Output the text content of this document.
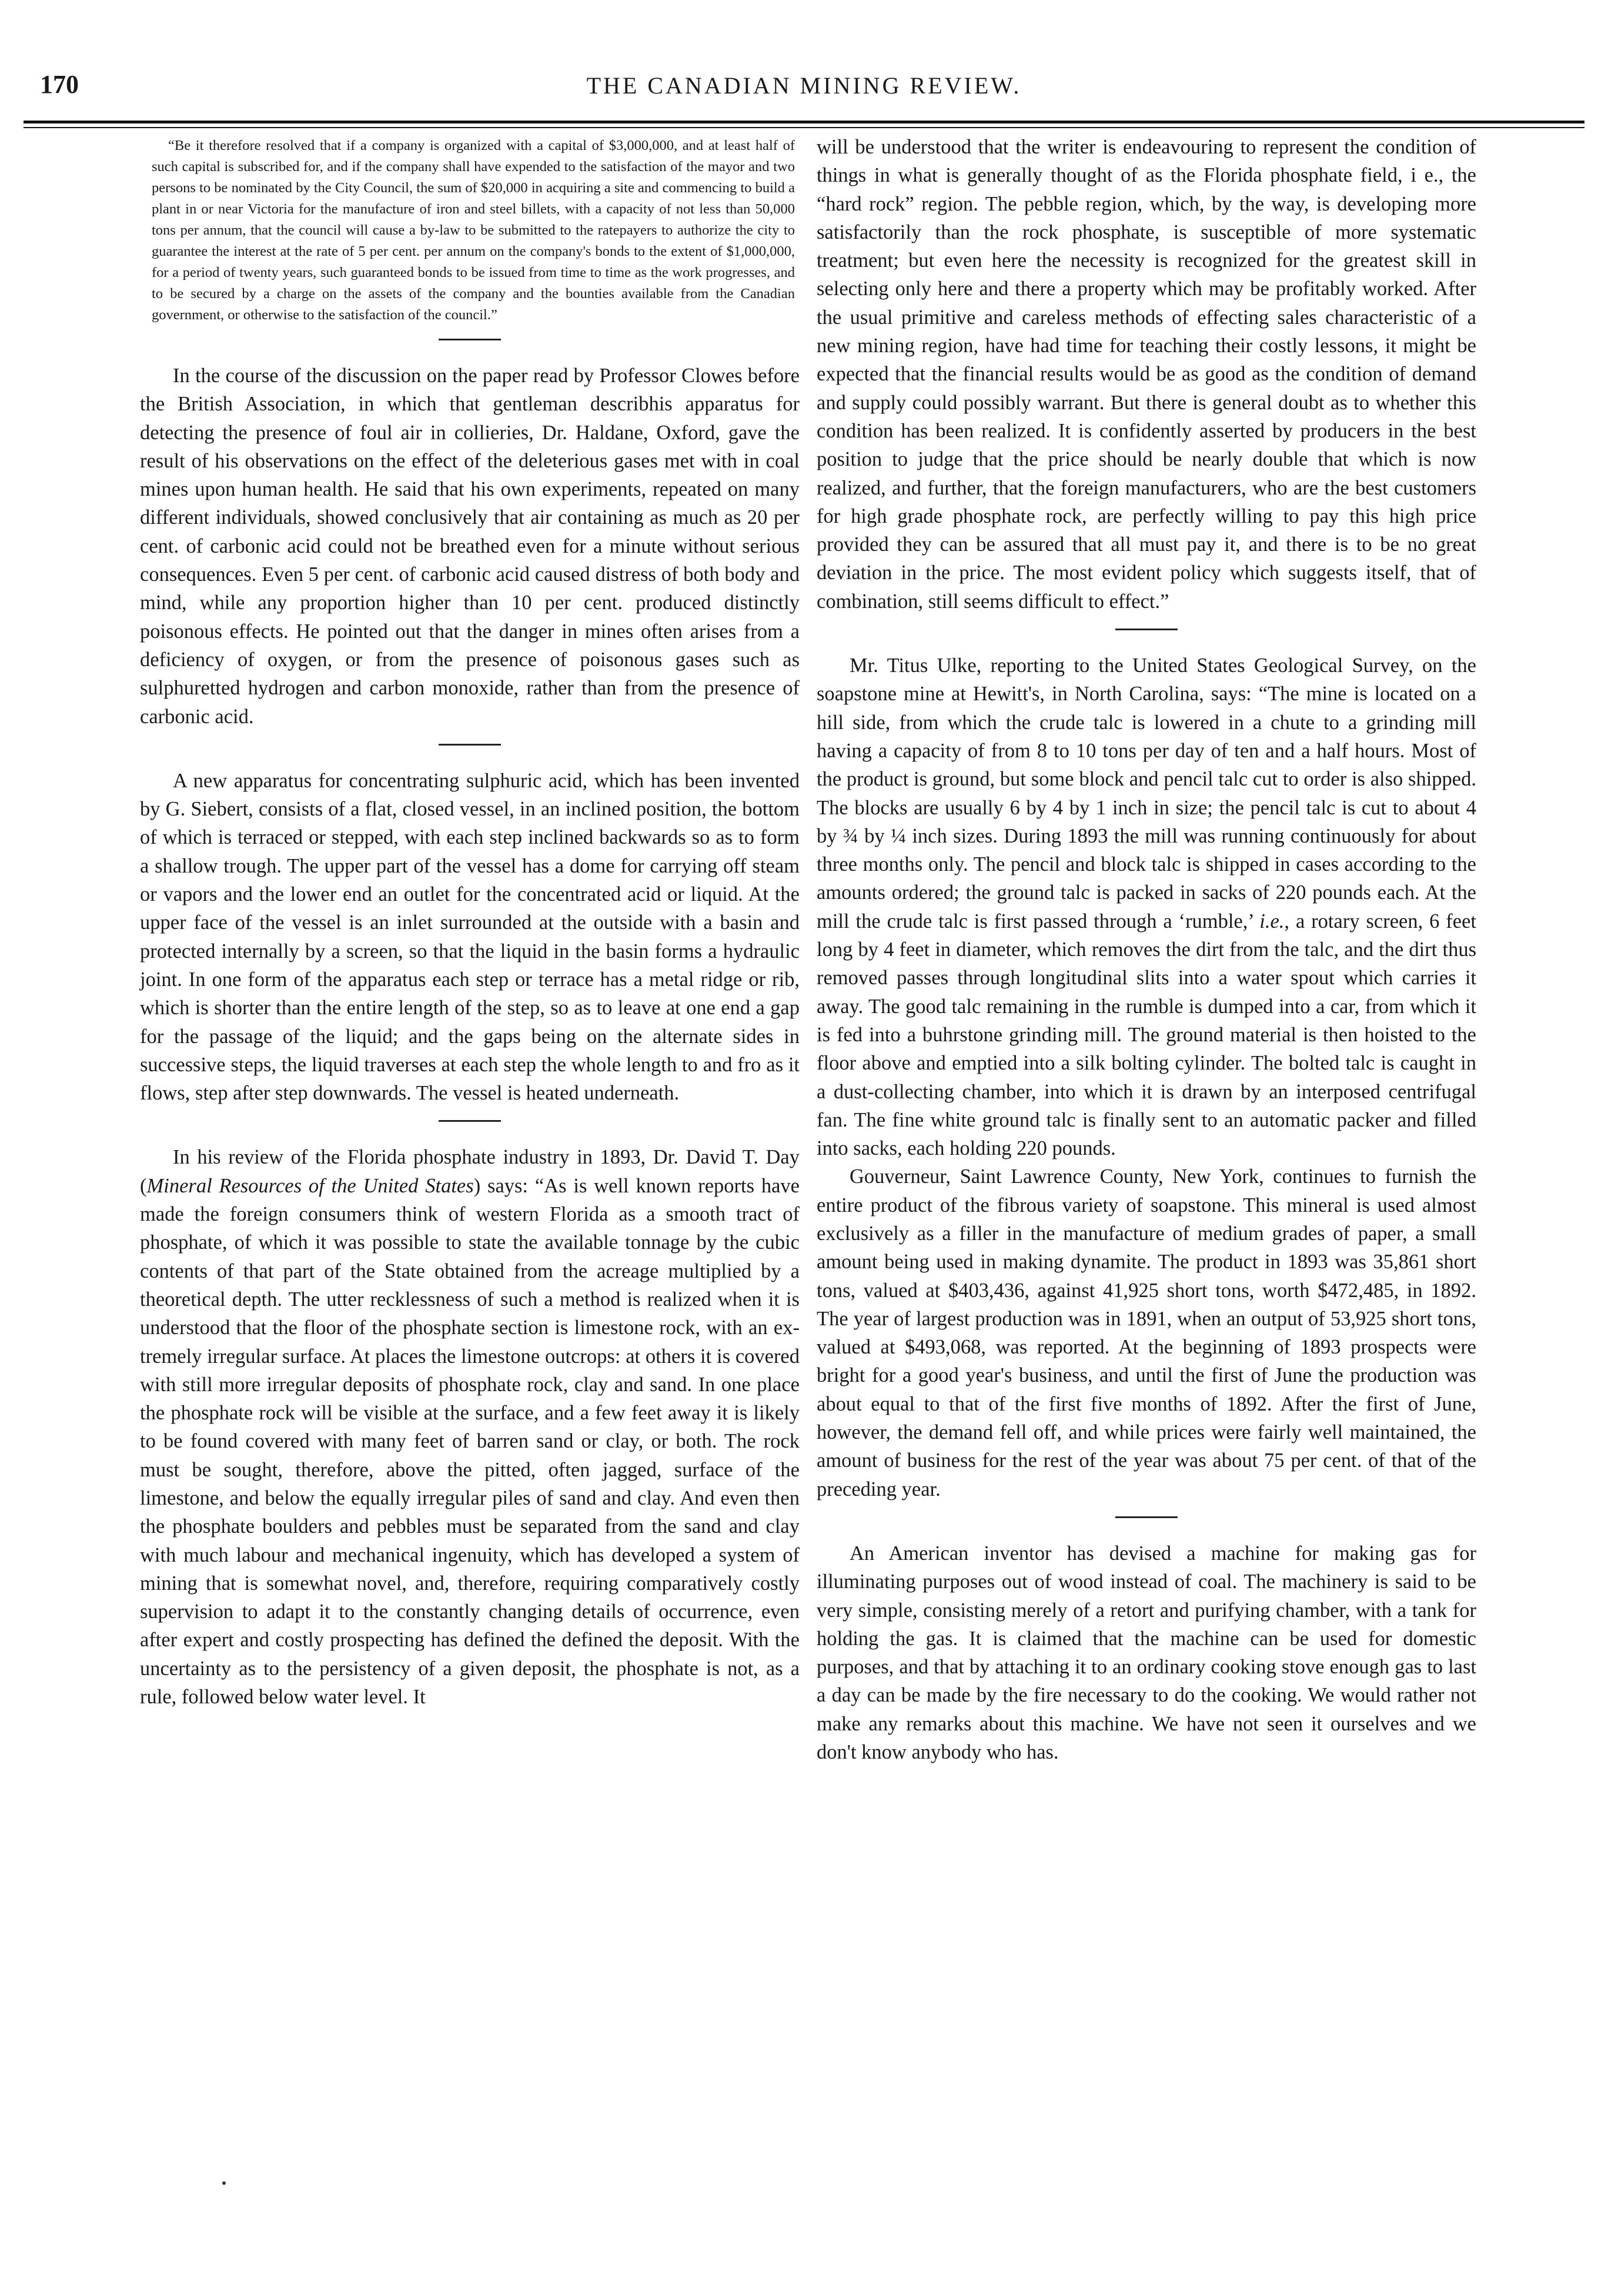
170	THE CANADIAN MINING REVIEW.

“Be it therefore resolved that if a company is organized with a capital of $3,000,000, and at least half of such capital is subscribed for, and if the company shall have expended to the satisfaction of the mayor and two persons to be nominated by the City Council, the sum of $20,000 in acquiring a site and commencing to build a plant in or near Victoria for the manufacture of iron and steel billets, with a capacity of not less than 50,000 tons per annum, that the council will cause a by-law to be submitted to the ratepayers to authorize the city to guarantee the interest at the rate of 5 per cent. per annum on the company's bonds to the extent of $1,000,000, for a period of twenty years, such guaranteed bonds to be issued from time to time as the work progresses, and to be secured by a charge on the assets of the company and the bounties available from the Canadian government, or otherwise to the satisfaction of the council.”

In the course of the discussion on the paper read by Professor Clowes before the British Association, in which that gentleman describhis apparatus for detecting the presence of foul air in collieries, Dr. Haldane, Oxford, gave the result of his observations on the effect of the deleterious gases met with in coal mines upon human health. He said that his own experiments, repeated on many different individuals, showed conclusively that air containing as much as 20 per cent. of carbonic acid could not be breathed even for a minute without serious consequences. Even 5 per cent. of carbonic acid caused distress of both body and mind, while any proportion higher than 10 per cent. produced distinctly poisonous effects. He pointed out that the danger in mines often arises from a deficiency of oxygen, or from the presence of poisonous gases such as sulphuretted hydrogen and carbon monoxide, rather than from the presence of carbonic acid.

A new apparatus for concentrating sulphuric acid, which has been invented by G. Siebert, consists of a flat, closed vessel, in an inclined position, the bottom of which is terraced or stepped, with each step inclined backwards so as to form a shallow trough. The upper part of the vessel has a dome for carrying off steam or vapors and the lower end an outlet for the concentrated acid or liquid. At the upper face of the vessel is an inlet surrounded at the outside with a basin and protected internally by a screen, so that the liquid in the basin forms a hydraulic joint. In one form of the apparatus each step or terrace has a metal ridge or rib, which is shorter than the entire length of the step, so as to leave at one end a gap for the passage of the liquid; and the gaps being on the alternate sides in successive steps, the liquid traverses at each step the whole length to and fro as it flows, step after step downwards. The vessel is heated underneath.

In his review of the Florida phosphate industry in 1893, Dr. David T. Day (Mineral Resources of the United States) says: “As is well known reports have made the foreign consumers think of western Florida as a smooth tract of phosphate, of which it was possible to state the available tonnage by the cubic contents of that part of the State obtained from the acreage multiplied by a theoretical depth. The utter recklessness of such a method is realized when it is understood that the floor of the phosphate section is limestone rock, with an extremely irregular surface. At places the limestone outcrops: at others it is covered with still more irregular deposits of phosphate rock, clay and sand. In one place the phosphate rock will be visible at the surface, and a few feet away it is likely to be found covered with many feet of barren sand or clay, or both. The rock must be sought, therefore, above the pitted, often jagged, surface of the limestone, and below the equally irregular piles of sand and clay. And even then the phosphate boulders and pebbles must be separated from the sand and clay with much labour and mechanical ingenuity, which has developed a system of mining that is somewhat novel, and, therefore, requiring comparatively costly supervision to adapt it to the constantly changing details of occurrence, even after expert and costly prospecting has defined the defined the deposit. With the uncertainty as to the persistency of a given deposit, the phosphate is not, as a rule, followed below water level. It

will be understood that the writer is endeavouring to represent the condition of things in what is generally thought of as the Florida phosphate field, i e., the “hard rock” region. The pebble region, which, by the way, is developing more satisfactorily than the rock phosphate, is susceptible of more systematic treatment; but even here the necessity is recognized for the greatest skill in selecting only here and there a property which may be profitably worked. After the usual primitive and careless methods of effecting sales characteristic of a new mining region, have had time for teaching their costly lessons, it might be expected that the financial results would be as good as the condition of demand and supply could possibly warrant. But there is general doubt as to whether this condition has been realized. It is confidently asserted by producers in the best position to judge that the price should be nearly double that which is now realized, and further, that the foreign manufacturers, who are the best customers for high grade phosphate rock, are perfectly willing to pay this high price provided they can be assured that all must pay it, and there is to be no great deviation in the price. The most evident policy which suggests itself, that of combination, still seems difficult to effect.”

Mr. Titus Ulke, reporting to the United States Geological Survey, on the soapstone mine at Hewitt's, in North Carolina, says: “The mine is located on a hill side, from which the crude talc is lowered in a chute to a grinding mill having a capacity of from 8 to 10 tons per day of ten and a half hours. Most of the product is ground, but some block and pencil talc cut to order is also shipped. The blocks are usually 6 by 4 by 1 inch in size; the pencil talc is cut to about 4 by ¾ by ¼ inch sizes. During 1893 the mill was running continuously for about three months only. The pencil and block talc is shipped in cases according to the amounts ordered; the ground talc is packed in sacks of 220 pounds each. At the mill the crude talc is first passed through a ‘rumble,’ i.e., a rotary screen, 6 feet long by 4 feet in diameter, which removes the dirt from the talc, and the dirt thus removed passes through longitudinal slits into a water spout which carries it away. The good talc remaining in the rumble is dumped into a car, from which it is fed into a buhrstone grinding mill. The ground material is then hoisted to the floor above and emptied into a silk bolting cylinder. The bolted talc is caught in a dust-collecting chamber, into which it is drawn by an interposed centrifugal fan. The fine white ground talc is finally sent to an automatic packer and filled into sacks, each holding 220 pounds.

Gouverneur, Saint Lawrence County, New York, continues to furnish the entire product of the fibrous variety of soapstone. This mineral is used almost exclusively as a filler in the manufacture of medium grades of paper, a small amount being used in making dynamite. The product in 1893 was 35,861 short tons, valued at $403,436, against 41,925 short tons, worth $472,485, in 1892. The year of largest production was in 1891, when an output of 53,925 short tons, valued at $493,068, was reported. At the beginning of 1893 prospects were bright for a good year's business, and until the first of June the production was about equal to that of the first five months of 1892. After the first of June, however, the demand fell off, and while prices were fairly well maintained, the amount of business for the rest of the year was about 75 per cent. of that of the preceding year.

An American inventor has devised a machine for making gas for illuminating purposes out of wood instead of coal. The machinery is said to be very simple, consisting merely of a retort and purifying chamber, with a tank for holding the gas. It is claimed that the machine can be used for domestic purposes, and that by attaching it to an ordinary cooking stove enough gas to last a day can be made by the fire necessary to do the cooking. We would rather not make any remarks about this machine. We have not seen it ourselves and we don't know anybody who has.
